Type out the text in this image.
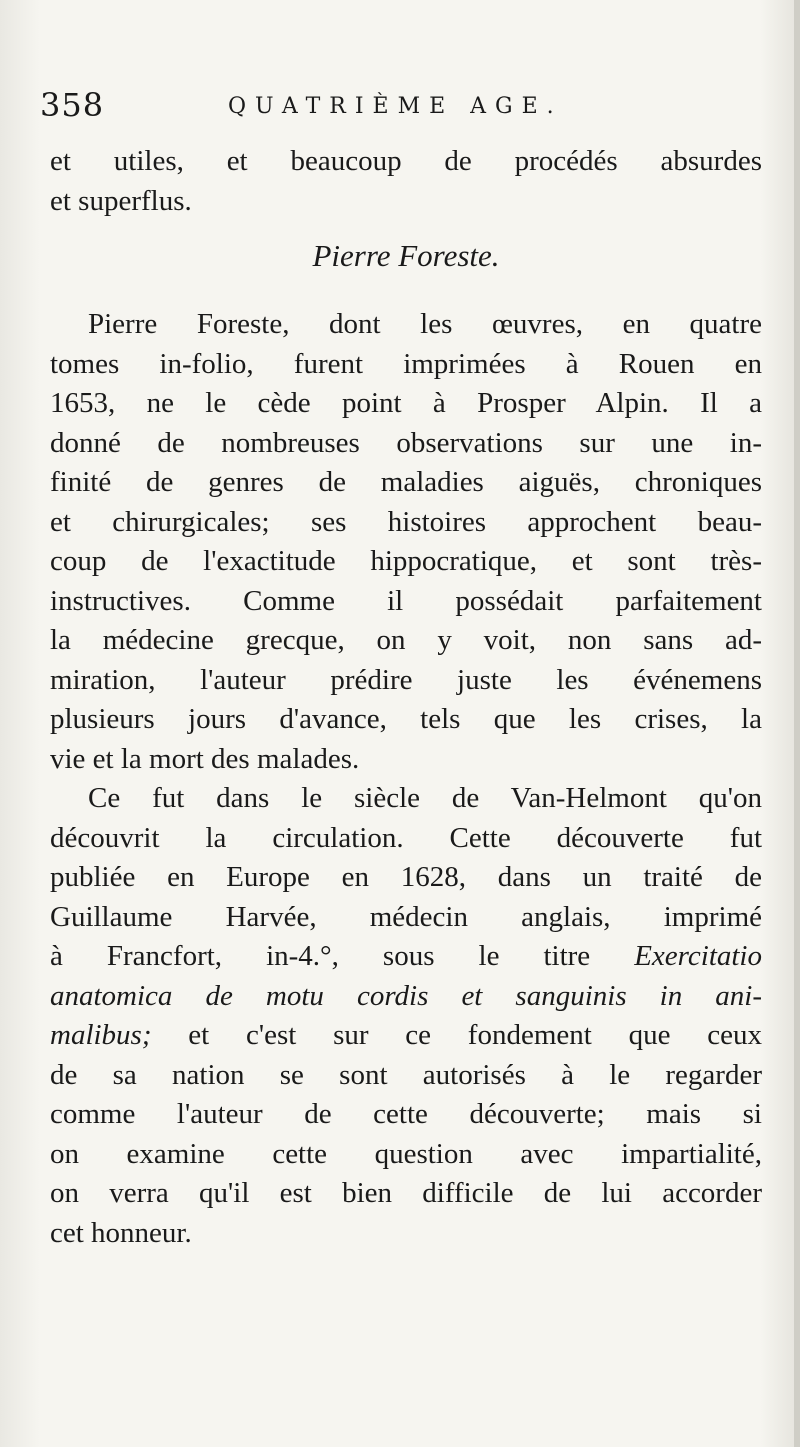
358	QUATRIÈME AGE.
et utiles, et beaucoup de procédés absurdes
et superflus.
Pierre Foreste.
Pierre Foreste, dont les œuvres, en quatre
tomes in-folio, furent imprimées à Rouen en
1653, ne le cède point à Prosper Alpin. Il a
donné de nombreuses observations sur une in-
finité de genres de maladies aiguës, chroniques
et chirurgicales; ses histoires approchent beau-
coup de l'exactitude hippocratique, et sont très-
instructives. Comme il possédait parfaitement
la médecine grecque, on y voit, non sans ad-
miration, l'auteur prédire juste les événemens
plusieurs jours d'avance, tels que les crises, la
vie et la mort des malades.
Ce fut dans le siècle de Van-Helmont qu'on
découvrit la circulation. Cette découverte fut
publiée en Europe en 1628, dans un traité de
Guillaume Harvée, médecin anglais, imprimé
à Francfort, in-4.°, sous le titre Exercitatio
anatomica de motu cordis et sanguinis in ani-
malibus; et c'est sur ce fondement que ceux
de sa nation se sont autorisés à le regarder
comme l'auteur de cette découverte; mais si
on examine cette question avec impartialité,
on verra qu'il est bien difficile de lui accorder
cet honneur.
